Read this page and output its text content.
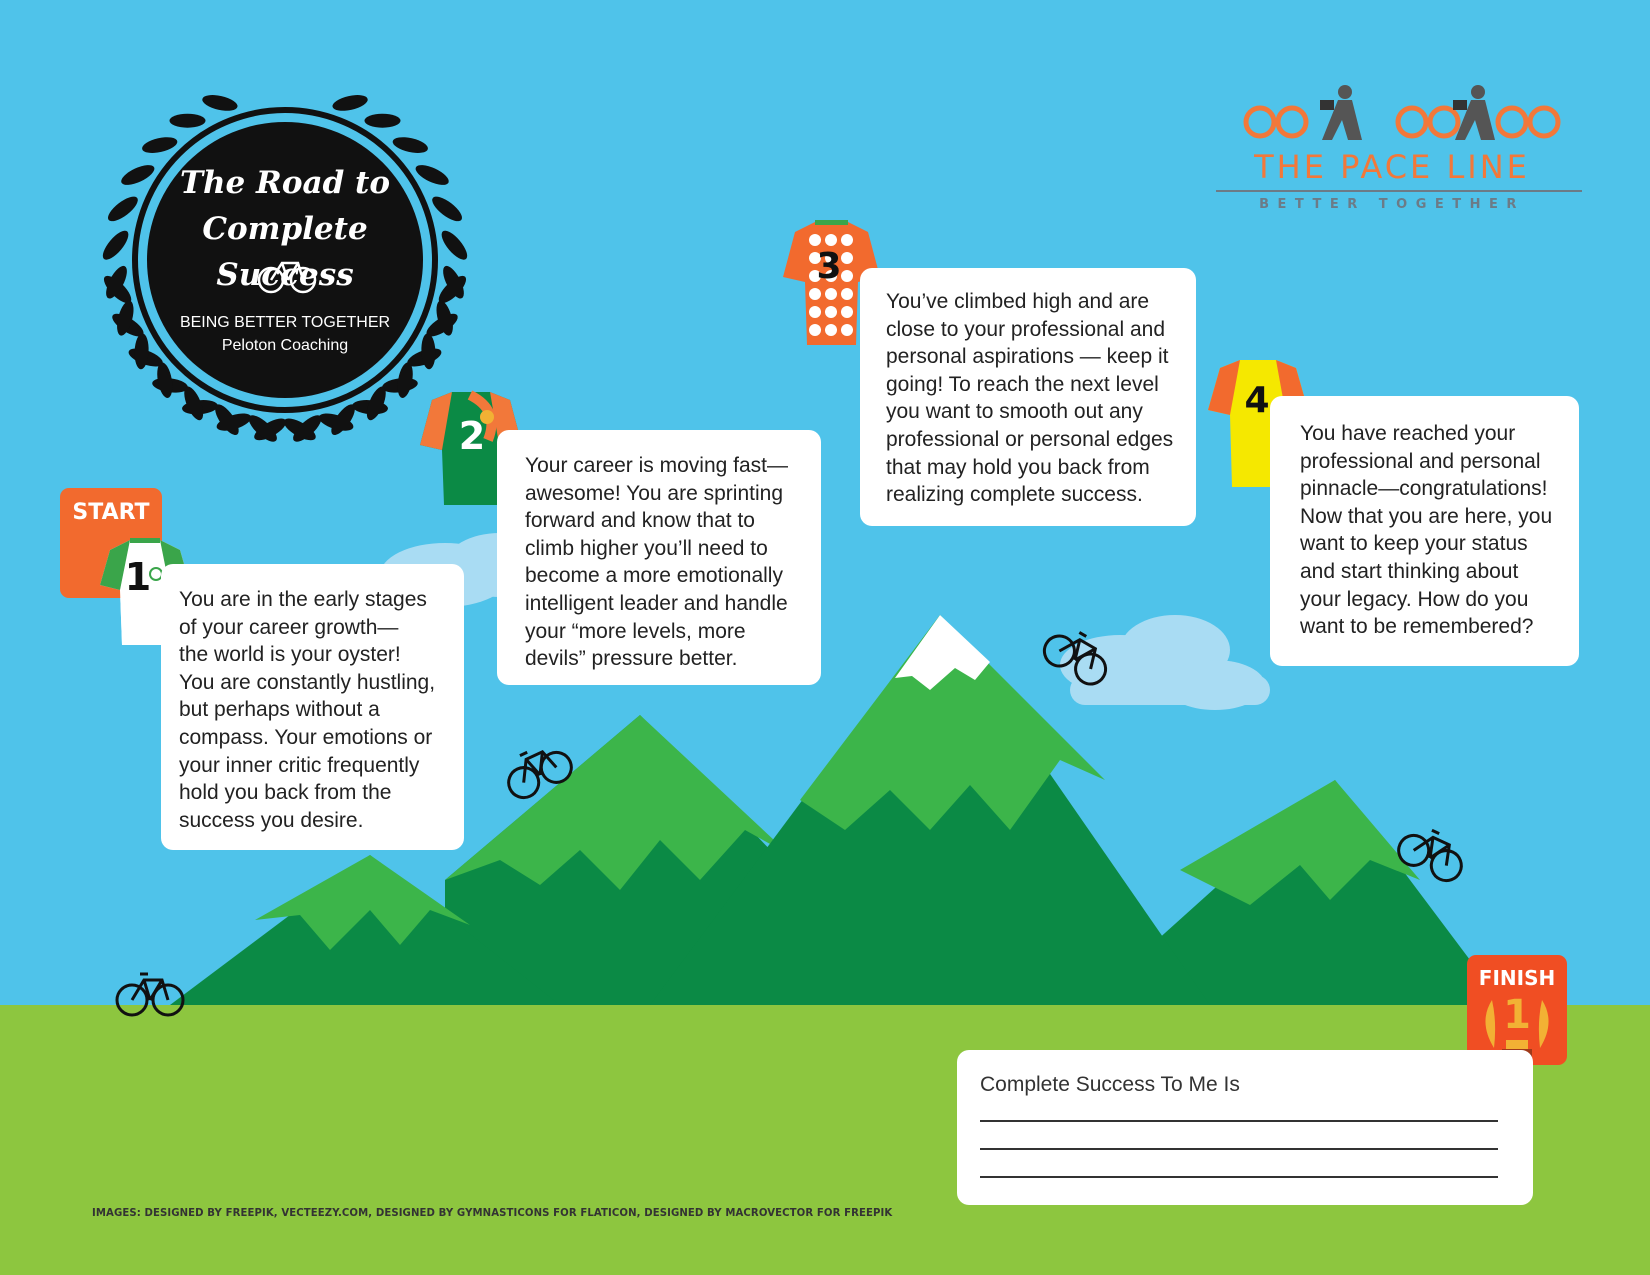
The Road to
Complete Success
BEING BETTER TOGETHER
Peloton Coaching
THE PACE LINE
BETTER TOGETHER
START
FINISH
1
1
2
3
4

You are in the early stages

of your career growth—

the world is your oyster!

You are constantly hustling,

but perhaps without a

compass. Your emotions or

your inner critic frequently

hold you back from the

success you desire.

Your career is moving fast—

awesome! You are sprinting

forward and know that to

climb higher you’ll need to

become a more emotionally

intelligent leader and handle

your “more levels, more

devils” pressure better.

You’ve climbed high and are

close to your professional and

personal aspirations — keep it

going! To reach the next level

you want to smooth out any

professional or personal edges

that may hold you back from

realizing complete success.

You have reached your

professional and personal

pinnacle—congratulations!

Now that you are here, you

want to keep your status

and start thinking about

your legacy. How do you

want to be remembered?

Complete Success To Me Is
IMAGES: DESIGNED BY FREEPIK, VECTEEZY.COM, DESIGNED BY GYMNASTICONS FOR FLATICON, DESIGNED BY MACROVECTOR FOR FREEPIK
